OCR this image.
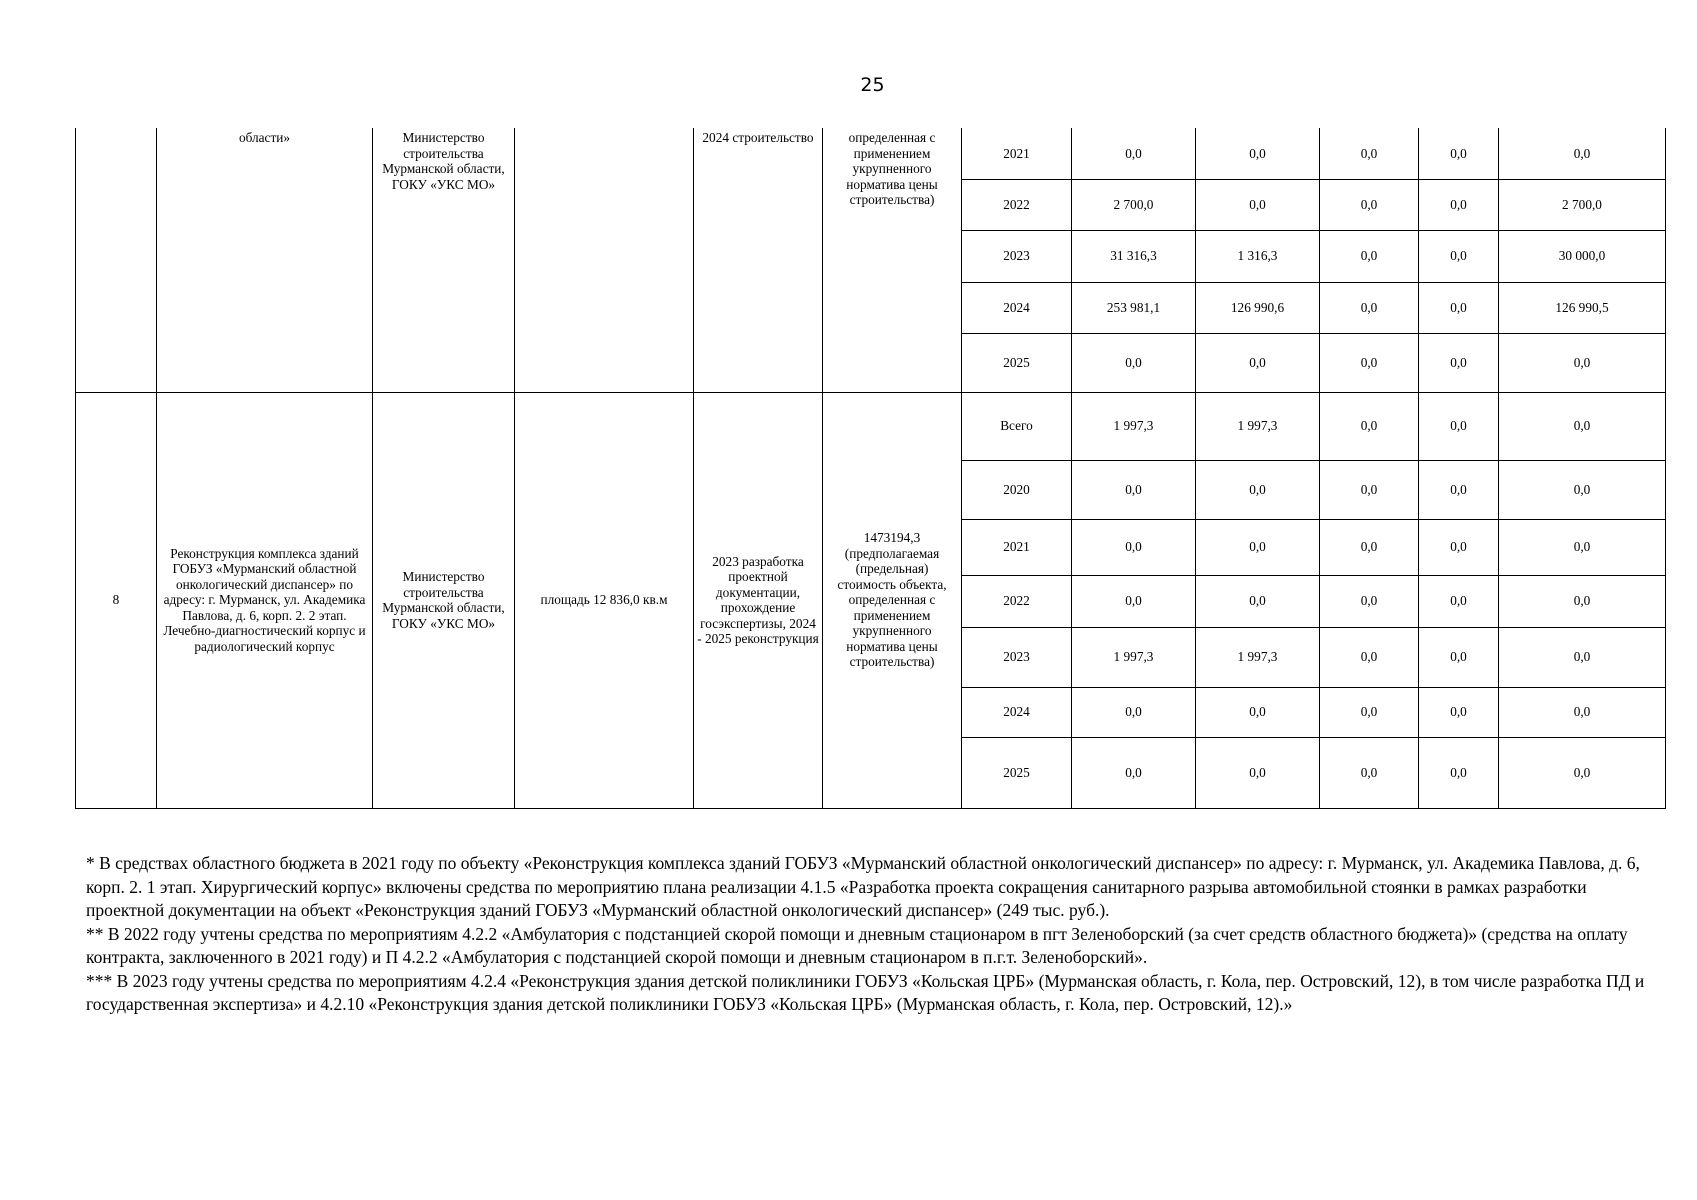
25
	области»	Министерство строительства Мурманской области, ГОКУ «УКС МО»		2024 строительство	определенная с применением укрупненного норматива цены строительства)	2021	0,0	0,0	0,0	0,0	0,0
						2022	2 700,0	0,0	0,0	0,0	2 700,0
						2023	31 316,3	1 316,3	0,0	0,0	30 000,0
						2024	253 981,1	126 990,6	0,0	0,0	126 990,5
						2025	0,0	0,0	0,0	0,0	0,0
8	Реконструкция комплекса зданий ГОБУЗ «Мурманский областной онкологический диспансер» по адресу: г. Мурманск, ул. Академика Павлова, д. 6, корп. 2. 2 этап. Лечебно-диагностический корпус и радиологический корпус	Министерство строительства Мурманской области, ГОКУ «УКС МО»	площадь 12 836,0 кв.м	2023 разработка проектной документации, прохождение госэкспертизы, 2024 - 2025 реконструкция	1473194,3 (предполагаемая (предельная) стоимость объекта, определенная с применением укрупненного норматива цены строительства)	Всего	1 997,3	1 997,3	0,0	0,0	0,0
						2020	0,0	0,0	0,0	0,0	0,0
						2021	0,0	0,0	0,0	0,0	0,0
						2022	0,0	0,0	0,0	0,0	0,0
						2023	1 997,3	1 997,3	0,0	0,0	0,0
						2024	0,0	0,0	0,0	0,0	0,0
						2025	0,0	0,0	0,0	0,0	0,0

* В средствах областного бюджета в 2021 году по объекту «Реконструкция комплекса зданий ГОБУЗ «Мурманский областной онкологический диспансер» по адресу: г. Мурманск, ул. Академика Павлова, д. 6, корп. 2. 1 этап. Хирургический корпус» включены средства по мероприятию плана реализации 4.1.5 «Разработка проекта сокращения санитарного разрыва автомобильной стоянки в рамках разработки проектной документации на объект «Реконструкция зданий ГОБУЗ «Мурманский областной онкологический диспансер» (249 тыс. руб.).

** В 2022 году учтены средства по мероприятиям 4.2.2 «Амбулатория с подстанцией скорой помощи и дневным стационаром в пгт Зеленоборский (за счет средств областного бюджета)» (средства на оплату контракта, заключенного в 2021 году) и П 4.2.2 «Амбулатория с подстанцией скорой помощи и дневным стационаром в п.г.т. Зеленоборский».

*** В 2023 году учтены средства по мероприятиям 4.2.4 «Реконструкция здания детской поликлиники ГОБУЗ «Кольская ЦРБ» (Мурманская область, г. Кола, пер. Островский, 12), в том числе разработка ПД и государственная экспертиза» и 4.2.10 «Реконструкция здания детской поликлиники ГОБУЗ «Кольская ЦРБ» (Мурманская область, г. Кола, пер. Островский, 12).»
